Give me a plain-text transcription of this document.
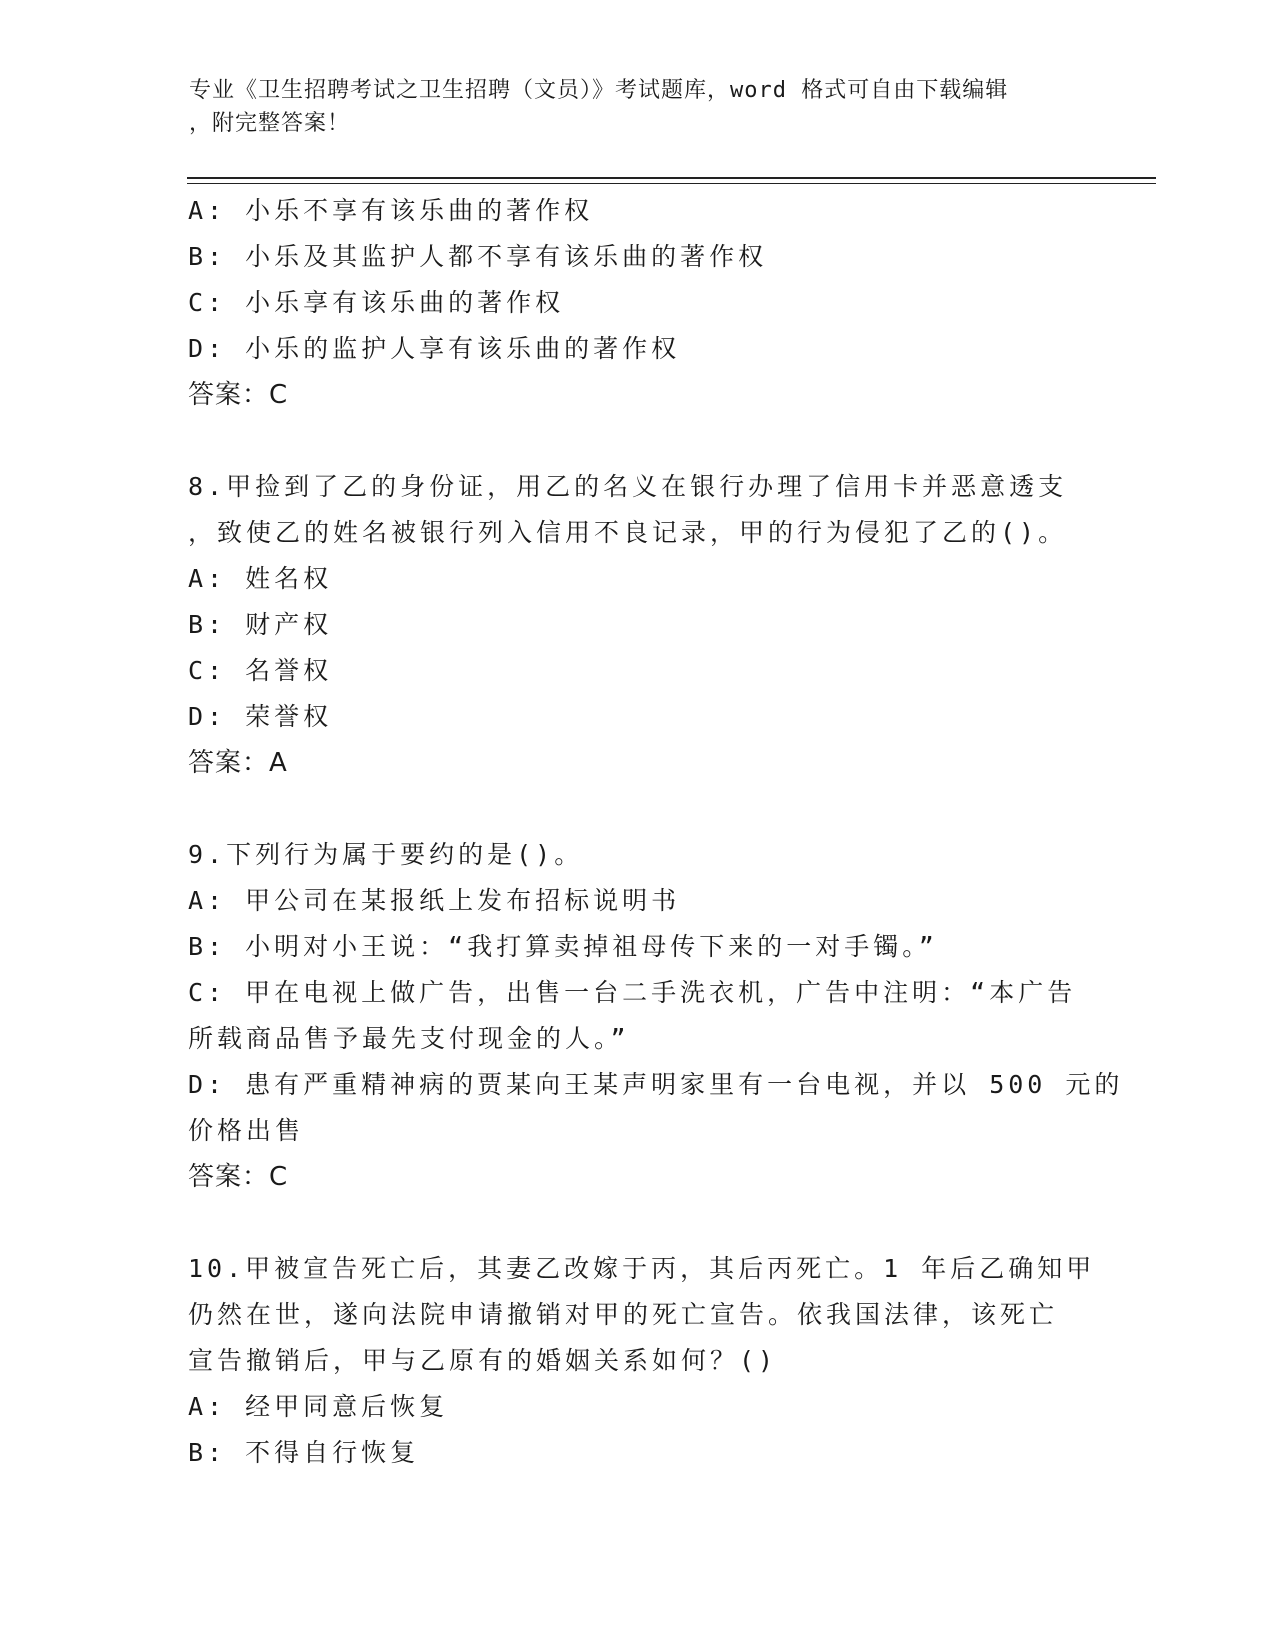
专业《卫生招聘考试之卫生招聘（文员）》考试题库，word 格式可自由下载编辑
，附完整答案！
A: 小乐不享有该乐曲的著作权
B: 小乐及其监护人都不享有该乐曲的著作权
C: 小乐享有该乐曲的著作权
D: 小乐的监护人享有该乐曲的著作权
答案：C
8.甲捡到了乙的身份证，用乙的名义在银行办理了信用卡并恶意透支
，致使乙的姓名被银行列入信用不良记录，甲的行为侵犯了乙的()。
A: 姓名权
B: 财产权
C: 名誉权
D: 荣誉权
答案：A
9.下列行为属于要约的是()。
A: 甲公司在某报纸上发布招标说明书
B: 小明对小王说：“我打算卖掉祖母传下来的一对手镯。”
C: 甲在电视上做广告，出售一台二手洗衣机，广告中注明：“本广告
所载商品售予最先支付现金的人。”
D: 患有严重精神病的贾某向王某声明家里有一台电视，并以 500 元的
价格出售
答案：C
10.甲被宣告死亡后，其妻乙改嫁于丙，其后丙死亡。1 年后乙确知甲
仍然在世，遂向法院申请撤销对甲的死亡宣告。依我国法律，该死亡
宣告撤销后，甲与乙原有的婚姻关系如何？()
A: 经甲同意后恢复
B: 不得自行恢复
